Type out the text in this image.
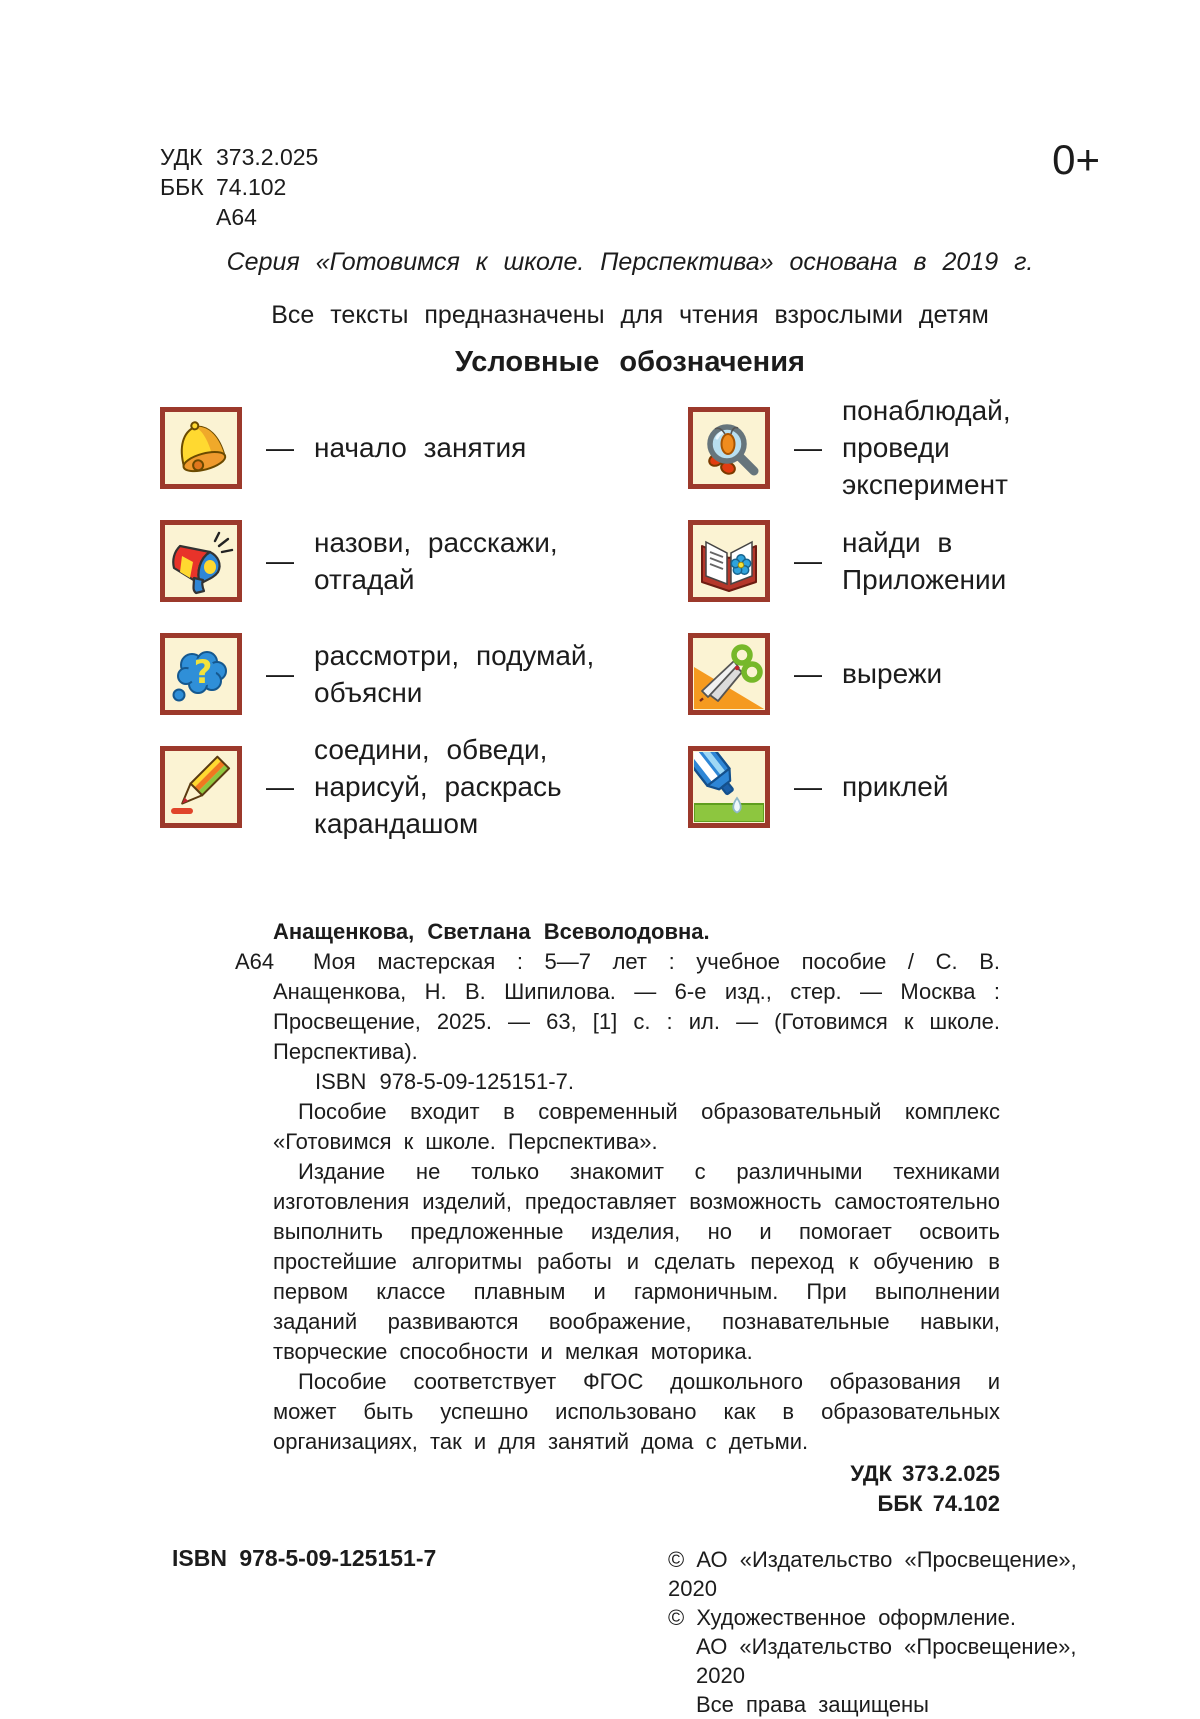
УДК 373.2.025
ББК 74.102
А64
0+
Серия «Готовимся к школе. Перспектива» основана в 2019 г.
Все тексты предназначены для чтения взрослыми детям
Условные обозначения
— начало занятия
—
назови, расскажи,
отгадай
? —
рассмотри, подумай,
объясни
—
соедини, обведи,
нарисуй, раскрась
карандашом
—
понаблюдай,
проведи эксперимент
—
найди в Приложении
— вырежи
— приклей
Анащенкова, Светлана Всеволодовна.
А64	Моя мастерская : 5—7 лет : учебное пособие / С. В. Анащенкова, Н. В. Шипилова. — 6-е изд., стер. — Москва : Просвещение, 2025. — 63, [1] с. : ил. — (Готовимся к школе. Перспектива).

ISBN 978-5-09-125151-7.

Пособие входит в современный образовательный комплекс «Готовимся к школе. Перспектива».

Издание не только знакомит с различными техниками изготовления изделий, предоставляет возможность самостоятельно выполнить предложенные изделия, но и помогает освоить простейшие алгоритмы работы и сделать переход к обучению в первом классе плавным и гармоничным. При выполнении заданий развиваются воображение, познавательные навыки, творческие способности и мелкая моторика.

Пособие соответствует ФГОС дошкольного образования и может быть успешно использовано как в образовательных организациях, так и для занятий дома с детьми.

УДК 373.2.025
ББК 74.102
ISBN 978-5-09-125151-7	© АО «Издательство «Просвещение», 2020
© Художественное оформление.
АО «Издательство «Просвещение», 2020
Все права защищены
